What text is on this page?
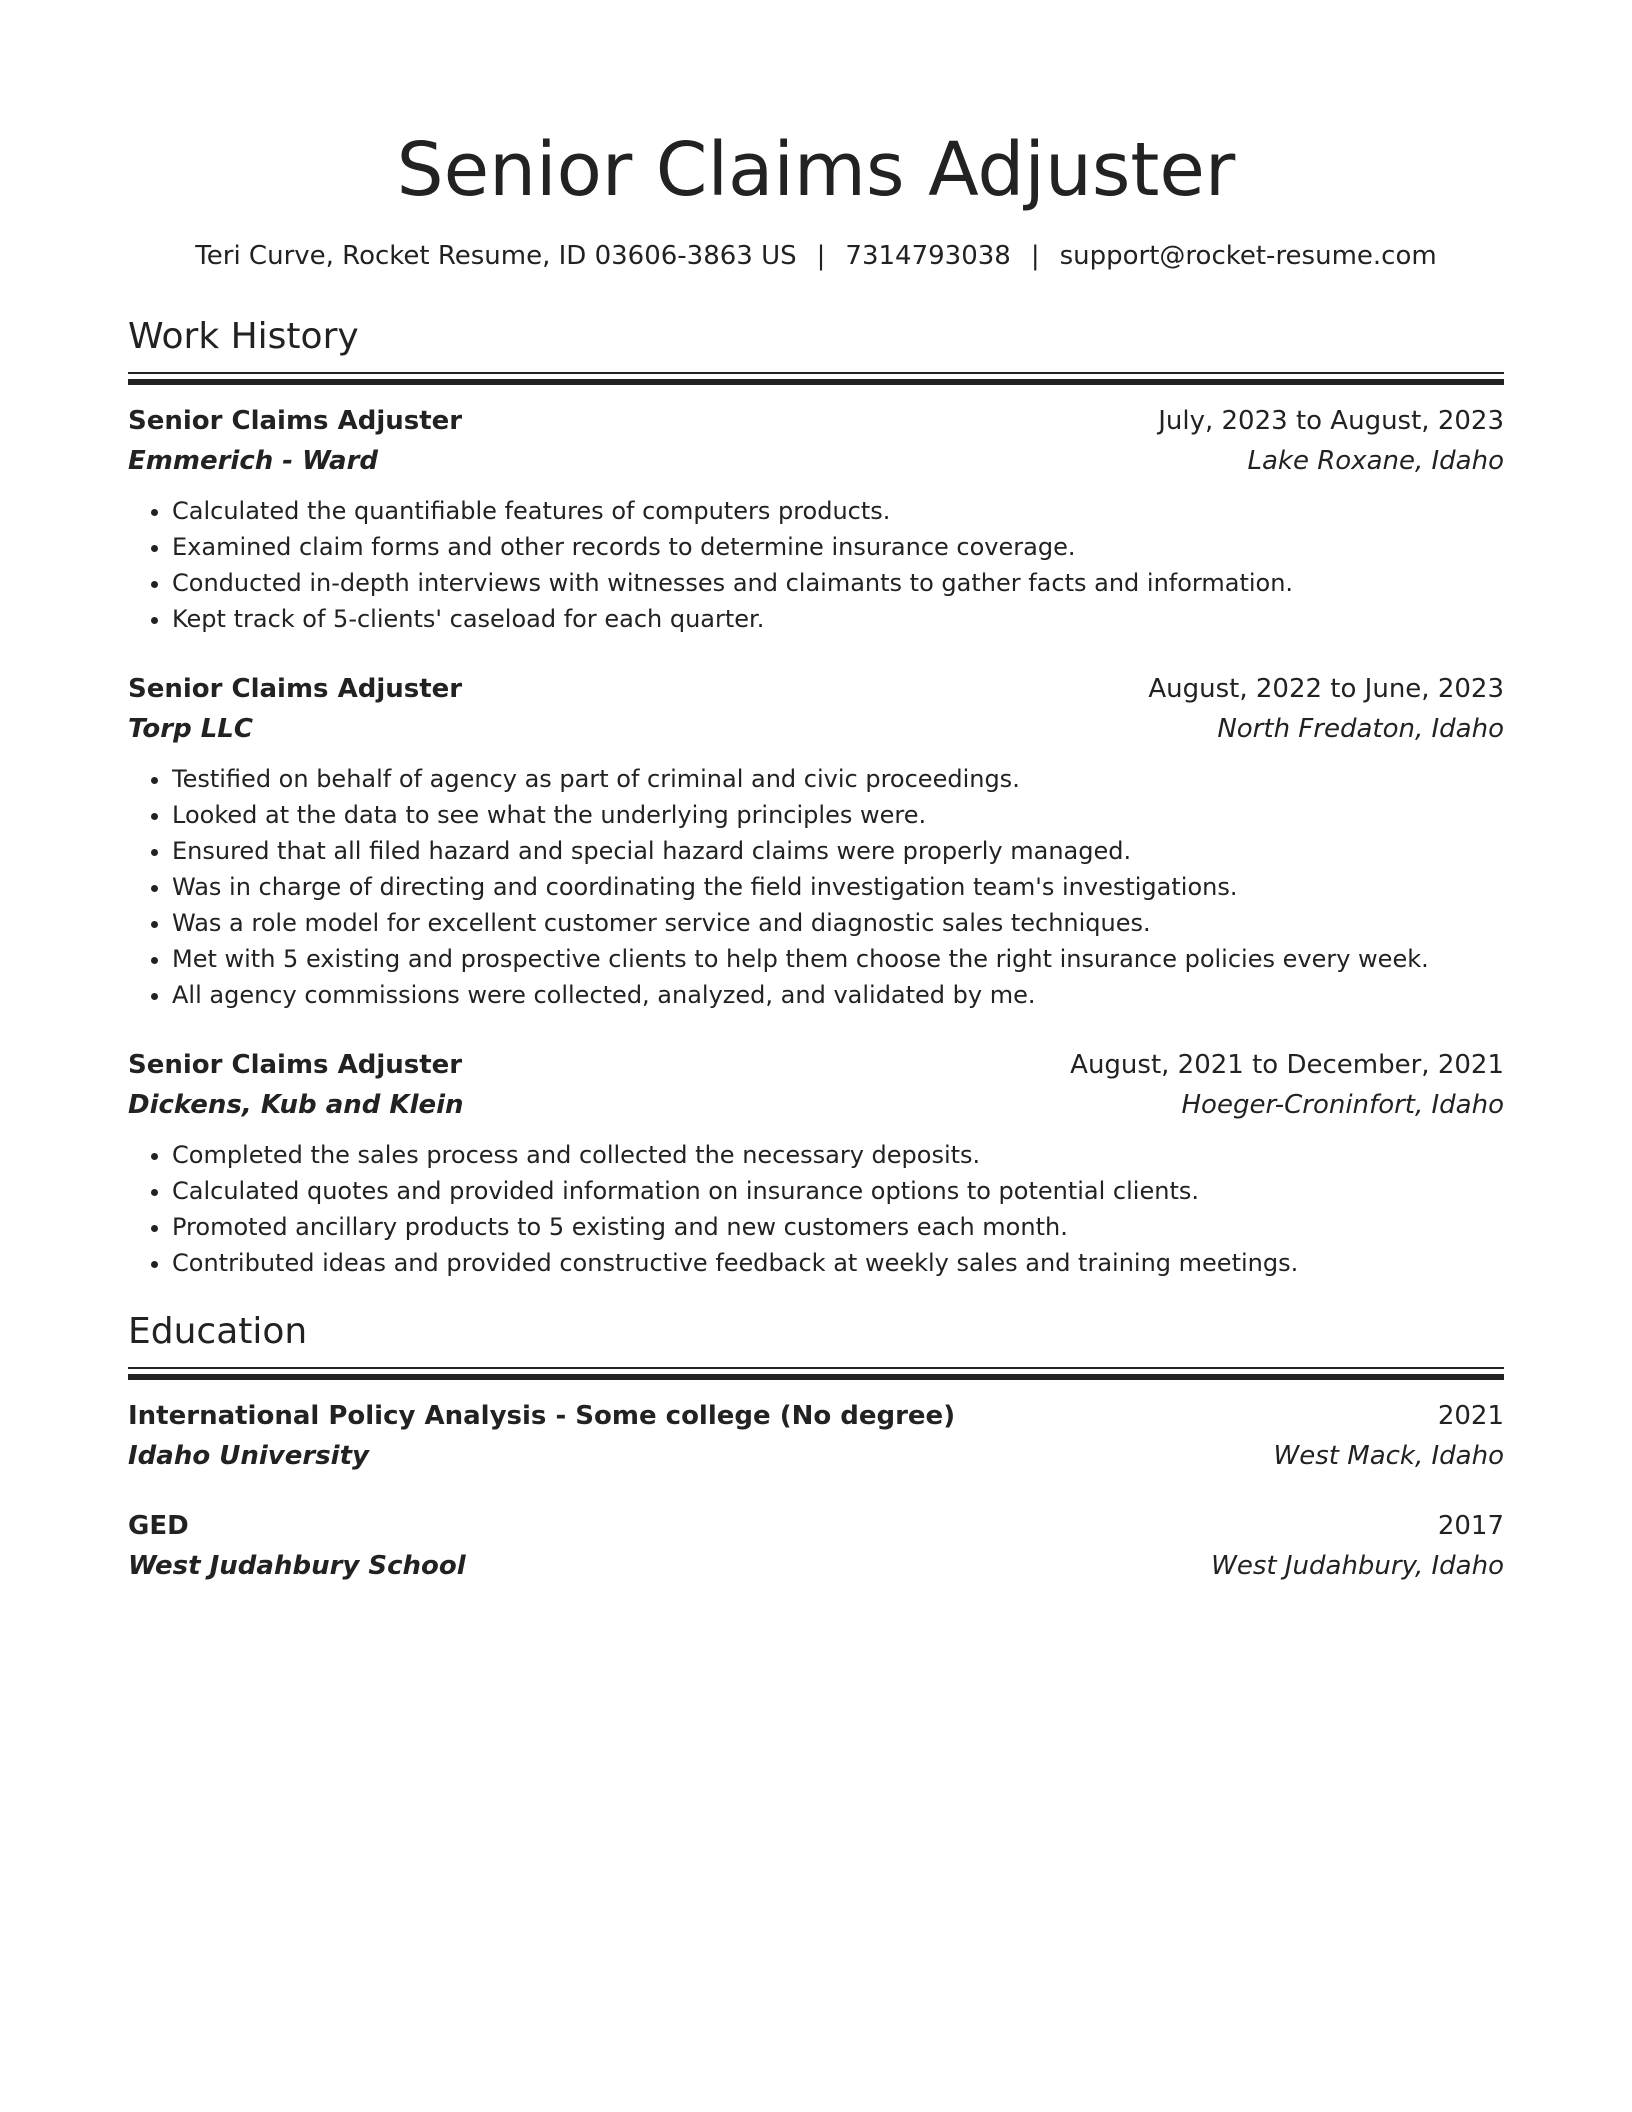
Senior Claims Adjuster
Teri Curve, Rocket Resume, ID 03606-3863 US | 7314793038 | support@rocket-resume.com
Work History
Senior Claims Adjuster	July, 2023 to August, 2023
Emmerich - Ward	Lake Roxane, Idaho
• Calculated the quantifiable features of computers products.
• Examined claim forms and other records to determine insurance coverage.
• Conducted in-depth interviews with witnesses and claimants to gather facts and information.
• Kept track of 5-clients' caseload for each quarter.
Senior Claims Adjuster	August, 2022 to June, 2023
Torp LLC	North Fredaton, Idaho
• Testified on behalf of agency as part of criminal and civic proceedings.
• Looked at the data to see what the underlying principles were.
• Ensured that all filed hazard and special hazard claims were properly managed.
• Was in charge of directing and coordinating the field investigation team's investigations.
• Was a role model for excellent customer service and diagnostic sales techniques.
• Met with 5 existing and prospective clients to help them choose the right insurance policies every week.
• All agency commissions were collected, analyzed, and validated by me.
Senior Claims Adjuster	August, 2021 to December, 2021
Dickens, Kub and Klein	Hoeger-Croninfort, Idaho
• Completed the sales process and collected the necessary deposits.
• Calculated quotes and provided information on insurance options to potential clients.
• Promoted ancillary products to 5 existing and new customers each month.
• Contributed ideas and provided constructive feedback at weekly sales and training meetings.
Education
International Policy Analysis - Some college (No degree)	2021
Idaho University	West Mack, Idaho
GED	2017
West Judahbury School	West Judahbury, Idaho
